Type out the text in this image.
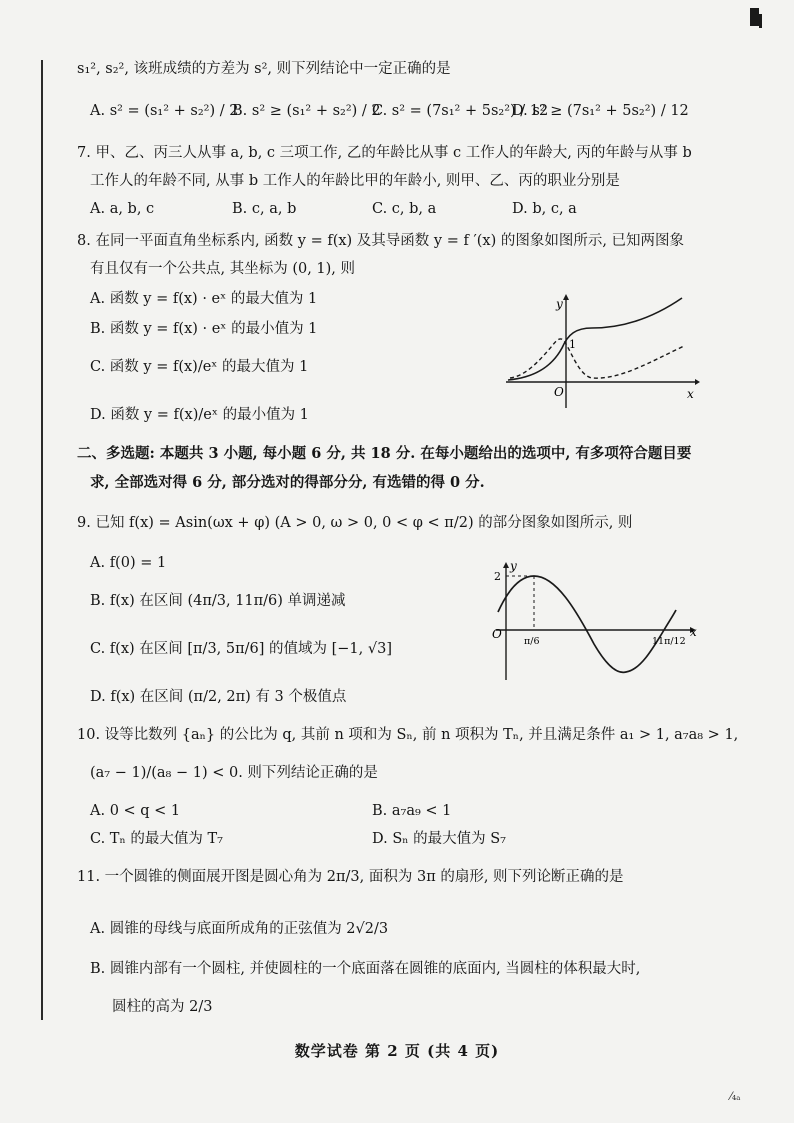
s₁², s₂², 该班成绩的方差为 s², 则下列结论中一定正确的是
A. s² = (s₁² + s₂²) / 2
B. s² ≥ (s₁² + s₂²) / 2
C. s² = (7s₁² + 5s₂²) / 12
D. s² ≥ (7s₁² + 5s₂²) / 12
7. 甲、乙、丙三人从事 a, b, c 三项工作, 乙的年龄比从事 c 工作人的年龄大, 丙的年龄与从事 b
工作人的年龄不同, 从事 b 工作人的年龄比甲的年龄小, 则甲、乙、丙的职业分别是
A. a, b, c	B. c, a, b	C. c, b, a	D. b, c, a
8. 在同一平面直角坐标系内, 函数 y = f(x) 及其导函数 y = f ′(x) 的图象如图所示, 已知两图象
有且仅有一个公共点, 其坐标为 (0, 1), 则
A. 函数 y = f(x) · eˣ 的最大值为 1
B. 函数 y = f(x) · eˣ 的最小值为 1
C. 函数 y = f(x)/eˣ 的最大值为 1
D. 函数 y = f(x)/eˣ 的最小值为 1
y
x
O
1
二、多选题: 本题共 3 小题, 每小题 6 分, 共 18 分. 在每小题给出的选项中, 有多项符合题目要
求, 全部选对得 6 分, 部分选对的得部分分, 有选错的得 0 分.
9. 已知 f(x) = Asin(ωx + φ) (A > 0, ω > 0, 0 < φ < π/2) 的部分图象如图所示, 则
A. f(0) = 1
B. f(x) 在区间 (4π/3, 11π/6) 单调递减
C. f(x) 在区间 [π/3, 5π/6] 的值域为 [−1, √3]
D. f(x) 在区间 (π/2, 2π) 有 3 个极值点
y
2
x
O
π/6	11π/12
10. 设等比数列 {aₙ} 的公比为 q, 其前 n 项和为 Sₙ, 前 n 项积为 Tₙ, 并且满足条件 a₁ > 1, a₇a₈ > 1,
(a₇ − 1)/(a₈ − 1) < 0. 则下列结论正确的是
A. 0 < q < 1	B. a₇a₉ < 1
C. Tₙ 的最大值为 T₇	D. Sₙ 的最大值为 S₇
11. 一个圆锥的侧面展开图是圆心角为 2π/3, 面积为 3π 的扇形, 则下列论断正确的是
A. 圆锥的母线与底面所成角的正弦值为 2√2/3
B. 圆锥内部有一个圆柱, 并使圆柱的一个底面落在圆锥的底面内, 当圆柱的体积最大时,
圆柱的高为 2/3
数学试卷 第 2 页 (共 4 页)
⁄₄ₐ
